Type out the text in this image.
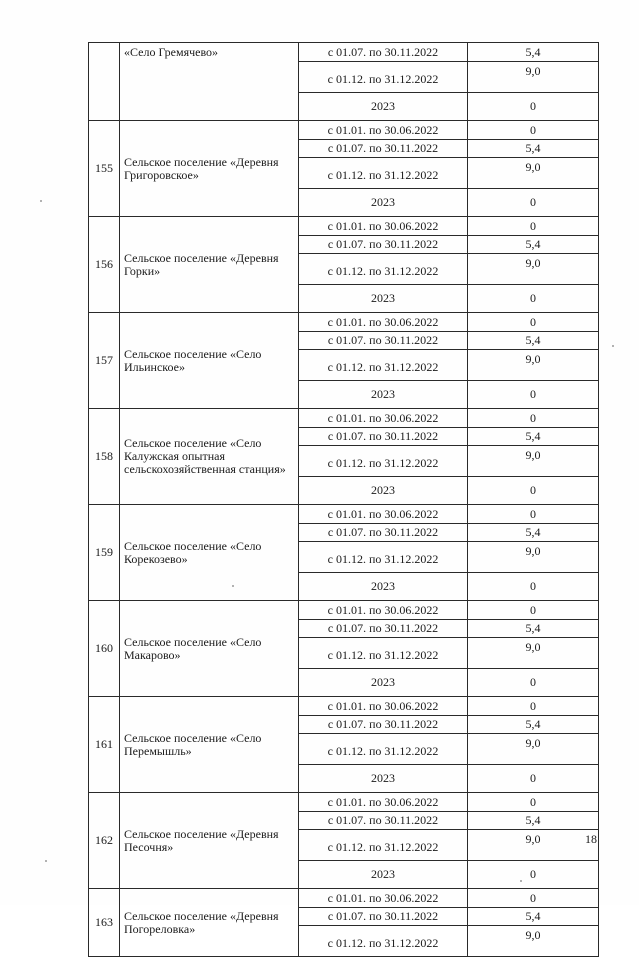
	«Село Гремячево»	с 01.07. по 30.11.2022	5,4
		с 01.12. по 31.12.2022	9,0
		2023	0
155	Сельское поселение «Деревня Григоровское»	с 01.01. по 30.06.2022	0
		с 01.07. по 30.11.2022	5,4
		с 01.12. по 31.12.2022	9,0
		2023	0
156	Сельское поселение «Деревня Горки»	с 01.01. по 30.06.2022	0
		с 01.07. по 30.11.2022	5,4
		с 01.12. по 31.12.2022	9,0
		2023	0
157	Сельское поселение «Село Ильинское»	с 01.01. по 30.06.2022	0
		с 01.07. по 30.11.2022	5,4
		с 01.12. по 31.12.2022	9,0
		2023	0
158	Сельское поселение «Село Калужская опытная сельскохозяйственная станция»	с 01.01. по 30.06.2022	0
		с 01.07. по 30.11.2022	5,4
		с 01.12. по 31.12.2022	9,0
		2023	0
159	Сельское поселение «Село Корекозево»	с 01.01. по 30.06.2022	0
		с 01.07. по 30.11.2022	5,4
		с 01.12. по 31.12.2022	9,0
		2023	0
160	Сельское поселение «Село Макарово»	с 01.01. по 30.06.2022	0
		с 01.07. по 30.11.2022	5,4
		с 01.12. по 31.12.2022	9,0
		2023	0
161	Сельское поселение «Село Перемышль»	с 01.01. по 30.06.2022	0
		с 01.07. по 30.11.2022	5,4
		с 01.12. по 31.12.2022	9,0
		2023	0
162	Сельское поселение «Деревня Песочня»	с 01.01. по 30.06.2022	0
		с 01.07. по 30.11.2022	5,4
		с 01.12. по 31.12.2022	9,0
		2023	0
163	Сельское поселение «Деревня Погореловка»	с 01.01. по 30.06.2022	0
		с 01.07. по 30.11.2022	5,4
		с 01.12. по 31.12.2022	9,0
18
